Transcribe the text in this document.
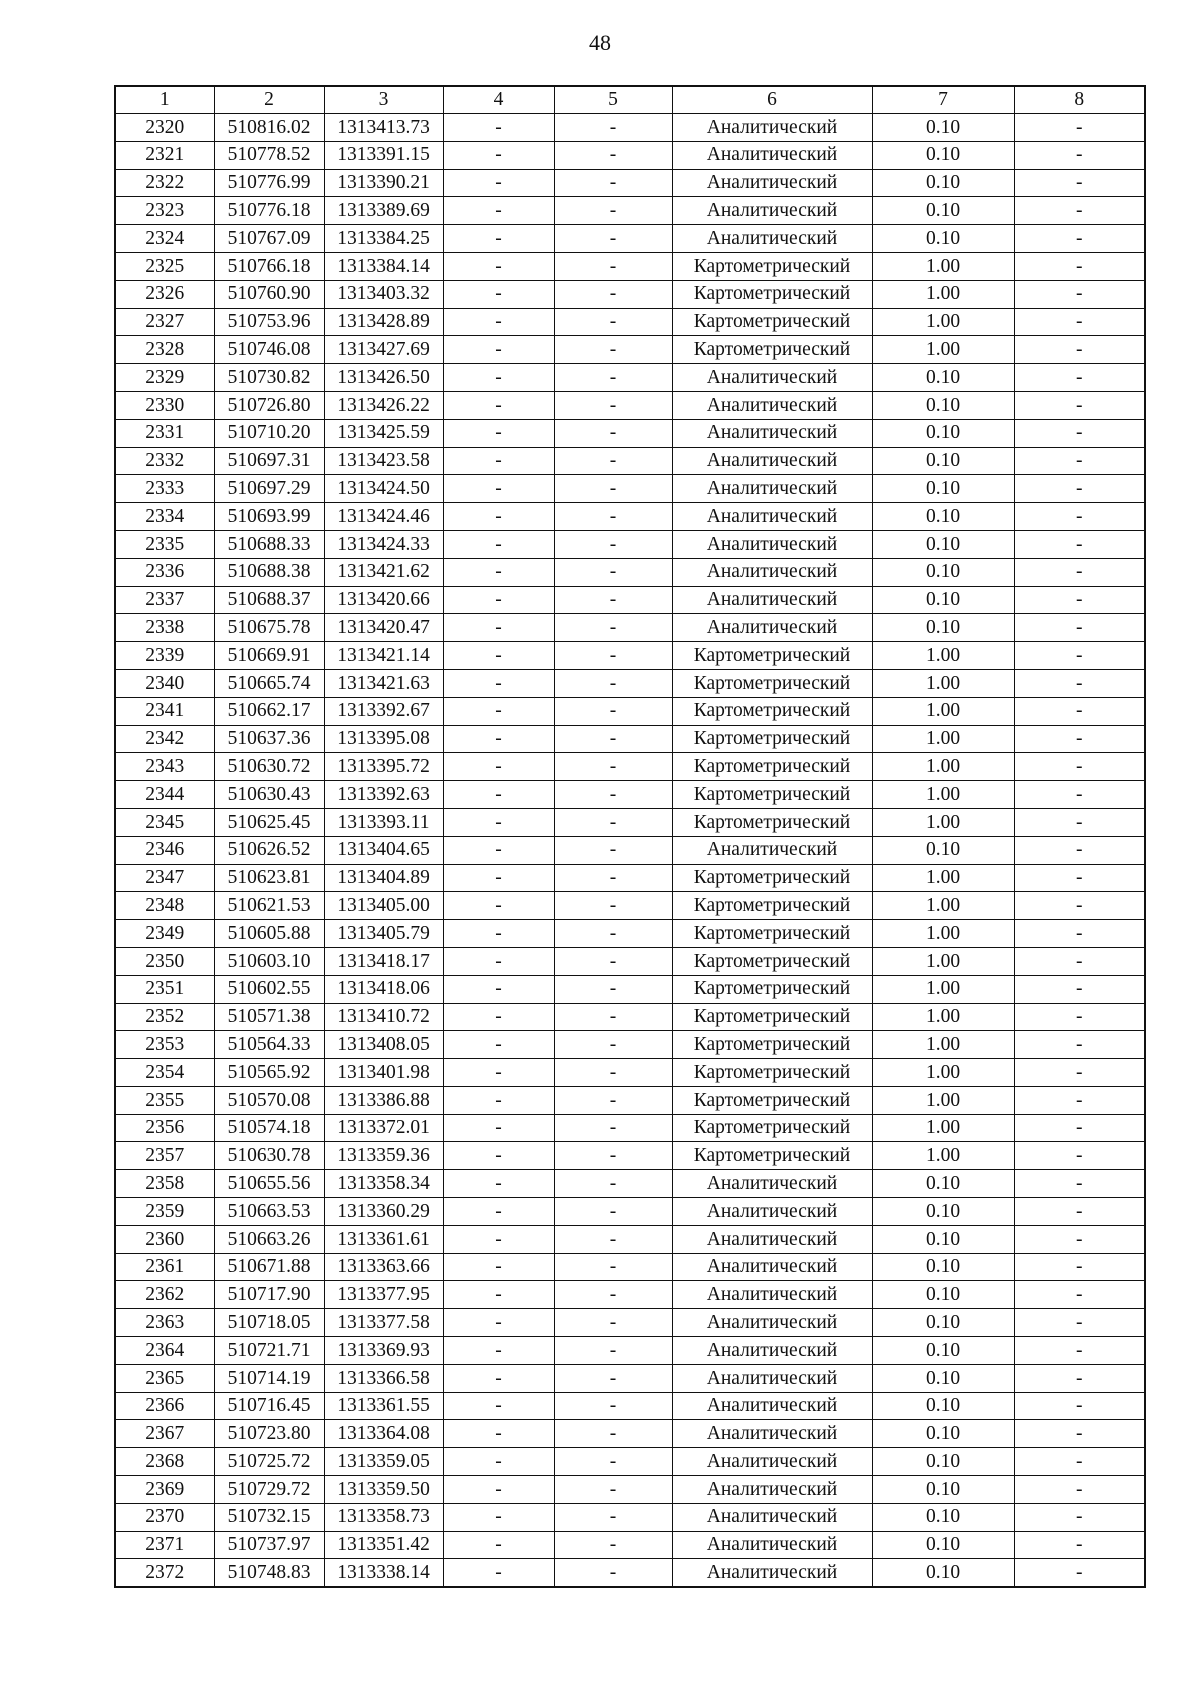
48
1	2	3	4	5	6	7	8
2320	510816.02	1313413.73	-	-	Аналитический	0.10	-
2321	510778.52	1313391.15	-	-	Аналитический	0.10	-
2322	510776.99	1313390.21	-	-	Аналитический	0.10	-
2323	510776.18	1313389.69	-	-	Аналитический	0.10	-
2324	510767.09	1313384.25	-	-	Аналитический	0.10	-
2325	510766.18	1313384.14	-	-	Картометрический	1.00	-
2326	510760.90	1313403.32	-	-	Картометрический	1.00	-
2327	510753.96	1313428.89	-	-	Картометрический	1.00	-
2328	510746.08	1313427.69	-	-	Картометрический	1.00	-
2329	510730.82	1313426.50	-	-	Аналитический	0.10	-
2330	510726.80	1313426.22	-	-	Аналитический	0.10	-
2331	510710.20	1313425.59	-	-	Аналитический	0.10	-
2332	510697.31	1313423.58	-	-	Аналитический	0.10	-
2333	510697.29	1313424.50	-	-	Аналитический	0.10	-
2334	510693.99	1313424.46	-	-	Аналитический	0.10	-
2335	510688.33	1313424.33	-	-	Аналитический	0.10	-
2336	510688.38	1313421.62	-	-	Аналитический	0.10	-
2337	510688.37	1313420.66	-	-	Аналитический	0.10	-
2338	510675.78	1313420.47	-	-	Аналитический	0.10	-
2339	510669.91	1313421.14	-	-	Картометрический	1.00	-
2340	510665.74	1313421.63	-	-	Картометрический	1.00	-
2341	510662.17	1313392.67	-	-	Картометрический	1.00	-
2342	510637.36	1313395.08	-	-	Картометрический	1.00	-
2343	510630.72	1313395.72	-	-	Картометрический	1.00	-
2344	510630.43	1313392.63	-	-	Картометрический	1.00	-
2345	510625.45	1313393.11	-	-	Картометрический	1.00	-
2346	510626.52	1313404.65	-	-	Аналитический	0.10	-
2347	510623.81	1313404.89	-	-	Картометрический	1.00	-
2348	510621.53	1313405.00	-	-	Картометрический	1.00	-
2349	510605.88	1313405.79	-	-	Картометрический	1.00	-
2350	510603.10	1313418.17	-	-	Картометрический	1.00	-
2351	510602.55	1313418.06	-	-	Картометрический	1.00	-
2352	510571.38	1313410.72	-	-	Картометрический	1.00	-
2353	510564.33	1313408.05	-	-	Картометрический	1.00	-
2354	510565.92	1313401.98	-	-	Картометрический	1.00	-
2355	510570.08	1313386.88	-	-	Картометрический	1.00	-
2356	510574.18	1313372.01	-	-	Картометрический	1.00	-
2357	510630.78	1313359.36	-	-	Картометрический	1.00	-
2358	510655.56	1313358.34	-	-	Аналитический	0.10	-
2359	510663.53	1313360.29	-	-	Аналитический	0.10	-
2360	510663.26	1313361.61	-	-	Аналитический	0.10	-
2361	510671.88	1313363.66	-	-	Аналитический	0.10	-
2362	510717.90	1313377.95	-	-	Аналитический	0.10	-
2363	510718.05	1313377.58	-	-	Аналитический	0.10	-
2364	510721.71	1313369.93	-	-	Аналитический	0.10	-
2365	510714.19	1313366.58	-	-	Аналитический	0.10	-
2366	510716.45	1313361.55	-	-	Аналитический	0.10	-
2367	510723.80	1313364.08	-	-	Аналитический	0.10	-
2368	510725.72	1313359.05	-	-	Аналитический	0.10	-
2369	510729.72	1313359.50	-	-	Аналитический	0.10	-
2370	510732.15	1313358.73	-	-	Аналитический	0.10	-
2371	510737.97	1313351.42	-	-	Аналитический	0.10	-
2372	510748.83	1313338.14	-	-	Аналитический	0.10	-
